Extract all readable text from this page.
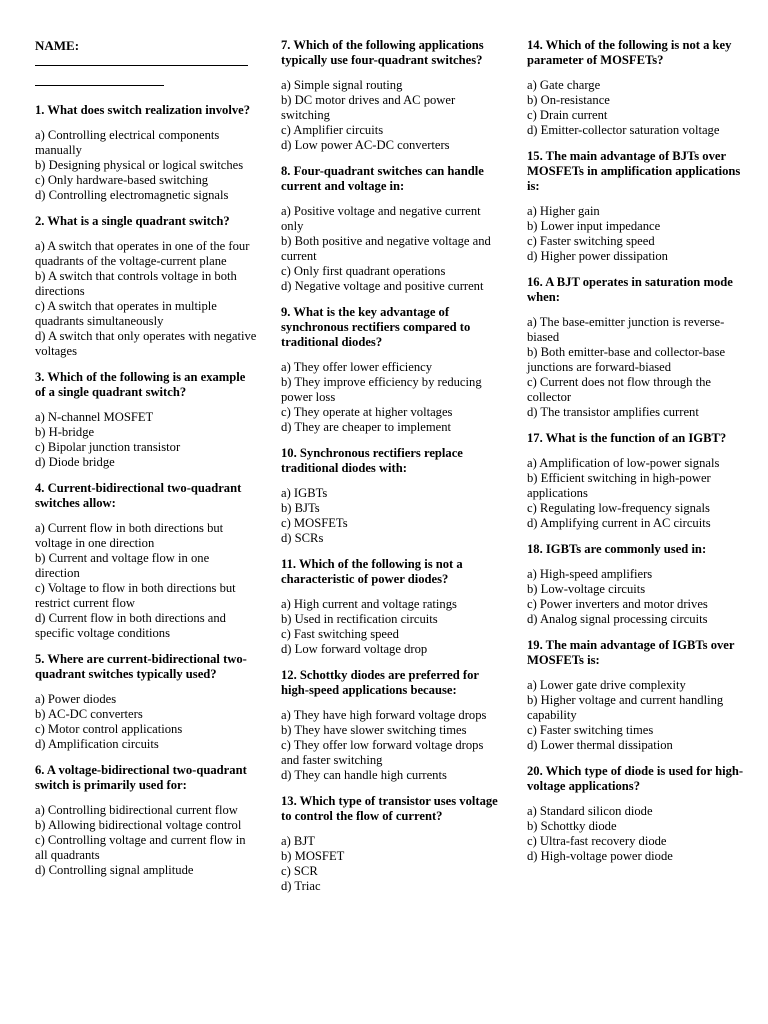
NAME:

1. What does switch realization involve?

a) Controlling electrical components manually

b) Designing physical or logical switches

c) Only hardware-based switching

d) Controlling electromagnetic signals

2. What is a single quadrant switch?

a) A switch that operates in one of the four quadrants of the voltage-current plane

b) A switch that controls voltage in both directions

c) A switch that operates in multiple quadrants simultaneously

d) A switch that only operates with negative voltages

3. Which of the following is an example of a single quadrant switch?

a) N-channel MOSFET

b) H-bridge

c) Bipolar junction transistor

d) Diode bridge

4. Current-bidirectional two-quadrant switches allow:

a) Current flow in both directions but voltage in one direction

b) Current and voltage flow in one direction

c) Voltage to flow in both directions but restrict current flow

d) Current flow in both directions and specific voltage conditions

5. Where are current-bidirectional two-quadrant switches typically used?

a) Power diodes

b) AC-DC converters

c) Motor control applications

d) Amplification circuits

6. A voltage-bidirectional two-quadrant switch is primarily used for:

a) Controlling bidirectional current flow

b) Allowing bidirectional voltage control

c) Controlling voltage and current flow in all quadrants

d) Controlling signal amplitude

7. Which of the following applications typically use four-quadrant switches?

a) Simple signal routing

b) DC motor drives and AC power switching

c) Amplifier circuits

d) Low power AC-DC converters

8. Four-quadrant switches can handle current and voltage in:

a) Positive voltage and negative current only

b) Both positive and negative voltage and current

c) Only first quadrant operations

d) Negative voltage and positive current

9. What is the key advantage of synchronous rectifiers compared to traditional diodes?

a) They offer lower efficiency

b) They improve efficiency by reducing power loss

c) They operate at higher voltages

d) They are cheaper to implement

10. Synchronous rectifiers replace traditional diodes with:

a) IGBTs

b) BJTs

c) MOSFETs

d) SCRs

11. Which of the following is not a characteristic of power diodes?

a) High current and voltage ratings

b) Used in rectification circuits

c) Fast switching speed

d) Low forward voltage drop

12. Schottky diodes are preferred for high-speed applications because:

a) They have high forward voltage drops

b) They have slower switching times

c) They offer low forward voltage drops and faster switching

d) They can handle high currents

13. Which type of transistor uses voltage to control the flow of current?

a) BJT

b) MOSFET

c) SCR

d) Triac

14. Which of the following is not a key parameter of MOSFETs?

a) Gate charge

b) On-resistance

c) Drain current

d) Emitter-collector saturation voltage

15. The main advantage of BJTs over MOSFETs in amplification applications is:

a) Higher gain

b) Lower input impedance

c) Faster switching speed

d) Higher power dissipation

16. A BJT operates in saturation mode when:

a) The base-emitter junction is reverse-biased

b) Both emitter-base and collector-base junctions are forward-biased

c) Current does not flow through the collector

d) The transistor amplifies current

17. What is the function of an IGBT?

a) Amplification of low-power signals

b) Efficient switching in high-power applications

c) Regulating low-frequency signals

d) Amplifying current in AC circuits

18. IGBTs are commonly used in:

a) High-speed amplifiers

b) Low-voltage circuits

c) Power inverters and motor drives

d) Analog signal processing circuits

19. The main advantage of IGBTs over MOSFETs is:

a) Lower gate drive complexity

b) Higher voltage and current handling capability

c) Faster switching times

d) Lower thermal dissipation

20. Which type of diode is used for high-voltage applications?

a) Standard silicon diode

b) Schottky diode

c) Ultra-fast recovery diode

d) High-voltage power diode
